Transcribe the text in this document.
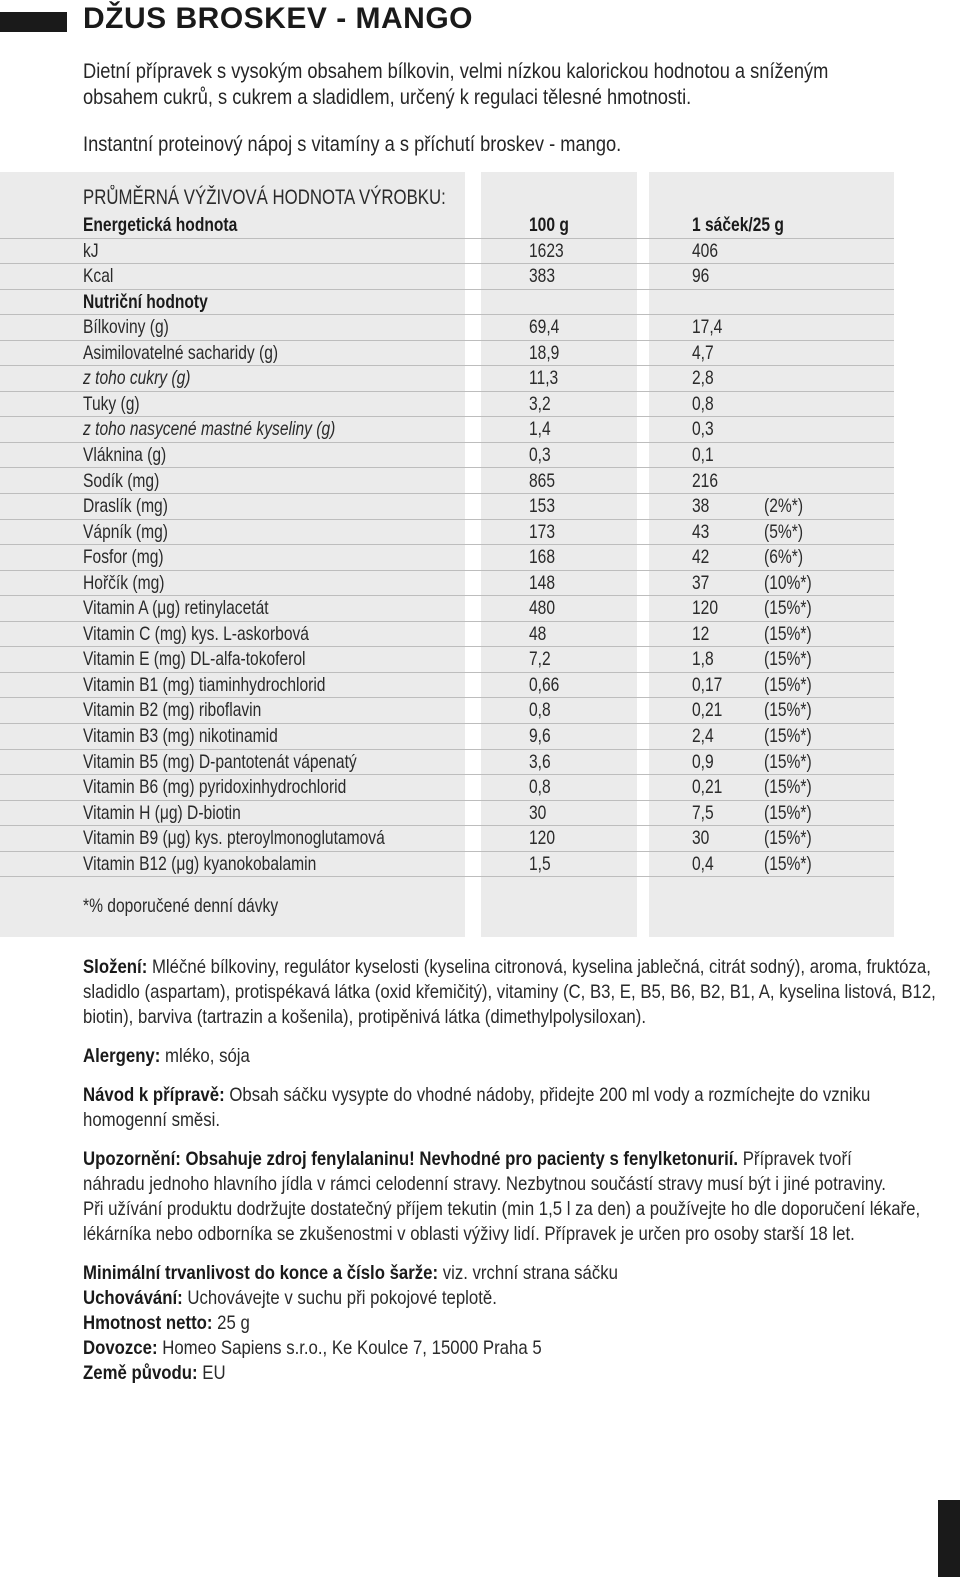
DŽUS BROSKEV - MANGO
Dietní přípravek s vysokým obsahem bílkovin, velmi nízkou kalorickou hodnotou a sníženým
obsahem cukrů, s cukrem a sladidlem, určený k regulaci tělesné hmotnosti.
Instantní proteinový nápoj s vitamíny a s příchutí broskev - mango.
PRŮMĚRNÁ VÝŽIVOVÁ HODNOTA VÝROBKU:
Energetická hodnota	100 g	1 sáček/25 g
kJ	1623	406
Kcal	383	96
Nutriční hodnoty
Bílkoviny (g)	69,4	17,4
Asimilovatelné sacharidy (g)	18,9	4,7
z toho cukry (g)	11,3	2,8
Tuky (g)	3,2	0,8
z toho nasycené mastné kyseliny (g)	1,4	0,3
Vláknina (g)	0,3	0,1
Sodík (mg)	865	216
Draslík (mg)	153	38	(2%*)
Vápník (mg)	173	43	(5%*)
Fosfor (mg)	168	42	(6%*)
Hořčík (mg)	148	37	(10%*)
Vitamin A (μg) retinylacetát	480	120 (15%*)
Vitamin C (mg) kys. L-askorbová	48	12	(15%*)
Vitamin E (mg) DL-alfa-tokoferol	7,2	1,8	(15%*)
Vitamin B1 (mg) tiaminhydrochlorid	0,66	0,17 (15%*)
Vitamin B2 (mg) riboflavin	0,8	0,21 (15%*)
Vitamin B3 (mg) nikotinamid	9,6	2,4	(15%*)
Vitamin B5 (mg) D-pantotenát vápenatý	3,6	0,9	(15%*)
Vitamin B6 (mg) pyridoxinhydrochlorid	0,8	0,21 (15%*)
Vitamin H (μg) D-biotin	30	7,5	(15%*)
Vitamin B9 (μg) kys. pteroylmonoglutamová	120	30	(15%*)
Vitamin B12 (μg) kyanokobalamin	1,5	0,4	(15%*)
*% doporučené denní dávky
Složení: Mléčné bílkoviny, regulátor kyselosti (kyselina citronová, kyselina jablečná, citrát sodný), aroma, fruktóza,
sladidlo (aspartam), protispékavá látka (oxid křemičitý), vitaminy (C, B3, E, B5, B6, B2, B1, A, kyselina listová, B12,
biotin), barviva (tartrazin a košenila), protipěnivá látka (dimethylpolysiloxan).
Alergeny: mléko, sója
Návod k přípravě: Obsah sáčku vysypte do vhodné nádoby, přidejte 200 ml vody a rozmíchejte do vzniku
homogenní směsi.
Upozornění: Obsahuje zdroj fenylalaninu! Nevhodné pro pacienty s fenylketonurií. Přípravek tvoří
náhradu jednoho hlavního jídla v rámci celodenní stravy. Nezbytnou součástí stravy musí být i jiné potraviny.
Při užívání produktu dodržujte dostatečný příjem tekutin (min 1,5 l za den) a používejte ho dle doporučení lékaře,
lékárníka nebo odborníka se zkušenostmi v oblasti výživy lidí. Přípravek je určen pro osoby starší 18 let.
Minimální trvanlivost do konce a číslo šarže: viz. vrchní strana sáčku
Uchovávání: Uchovávejte v suchu při pokojové teplotě.
Hmotnost netto: 25 g
Dovozce: Homeo Sapiens s.r.o., Ke Koulce 7, 15000 Praha 5
Země původu: EU
